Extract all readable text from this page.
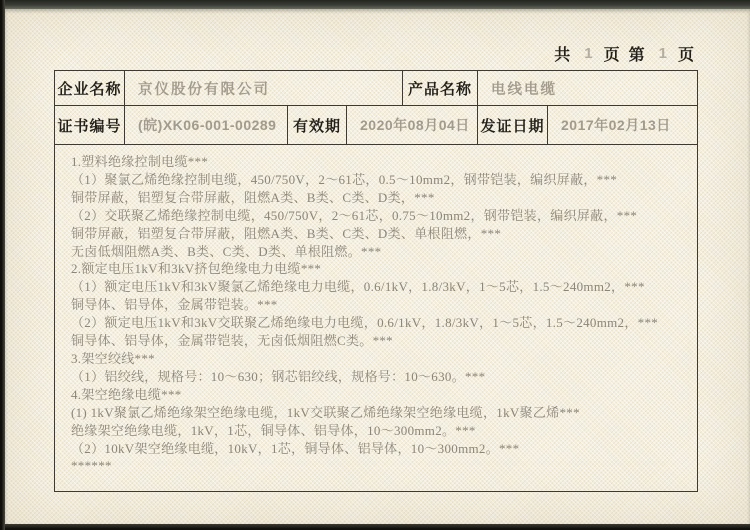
共 1 页 第 1 页
企业名称	京仪股份有限公司			产品名称	电线电缆	
证书编号	(皖)XK06-001-00289	有效期	2020年08月04日		发证日期	2017年02月13日

1.塑料绝缘控制电缆***
（1）聚氯乙烯绝缘控制电缆，450/750V，2～61芯，0.5～10mm2，钢带铠装，编织屏蔽，***
铜带屏蔽，铝塑复合带屏蔽，阻燃A类、B类、C类、D类，***
（2）交联聚乙烯绝缘控制电缆，450/750V，2～61芯，0.75～10mm2，钢带铠装，编织屏蔽，***
铜带屏蔽，铝塑复合带屏蔽，阻燃A类、B类、C类、D类、单根阻燃，***
无卤低烟阻燃A类、B类、C类、D类、单根阻燃。***
2.额定电压1kV和3kV挤包绝缘电力电缆***
（1）额定电压1kV和3kV聚氯乙烯绝缘电力电缆，0.6/1kV，1.8/3kV，1～5芯，1.5～240mm2，***
铜导体、铝导体，金属带铠装。***
（2）额定电压1kV和3kV交联聚乙烯绝缘电力电缆，0.6/1kV，1.8/3kV，1～5芯，1.5～240mm2，***
铜导体、铝导体，金属带铠装，无卤低烟阻燃C类。***
3.架空绞线***
（1）铝绞线，规格号：10～630；钢芯铝绞线，规格号：10～630。***
4.架空绝缘电缆***
(1) 1kV聚氯乙烯绝缘架空绝缘电缆，1kV交联聚乙烯绝缘架空绝缘电缆，1kV聚乙烯***
绝缘架空绝缘电缆，1kV，1芯，铜导体、铝导体，10～300mm2。***
（2）10kV架空绝缘电缆，10kV，1芯，铜导体、铝导体，10～300mm2。***
******
